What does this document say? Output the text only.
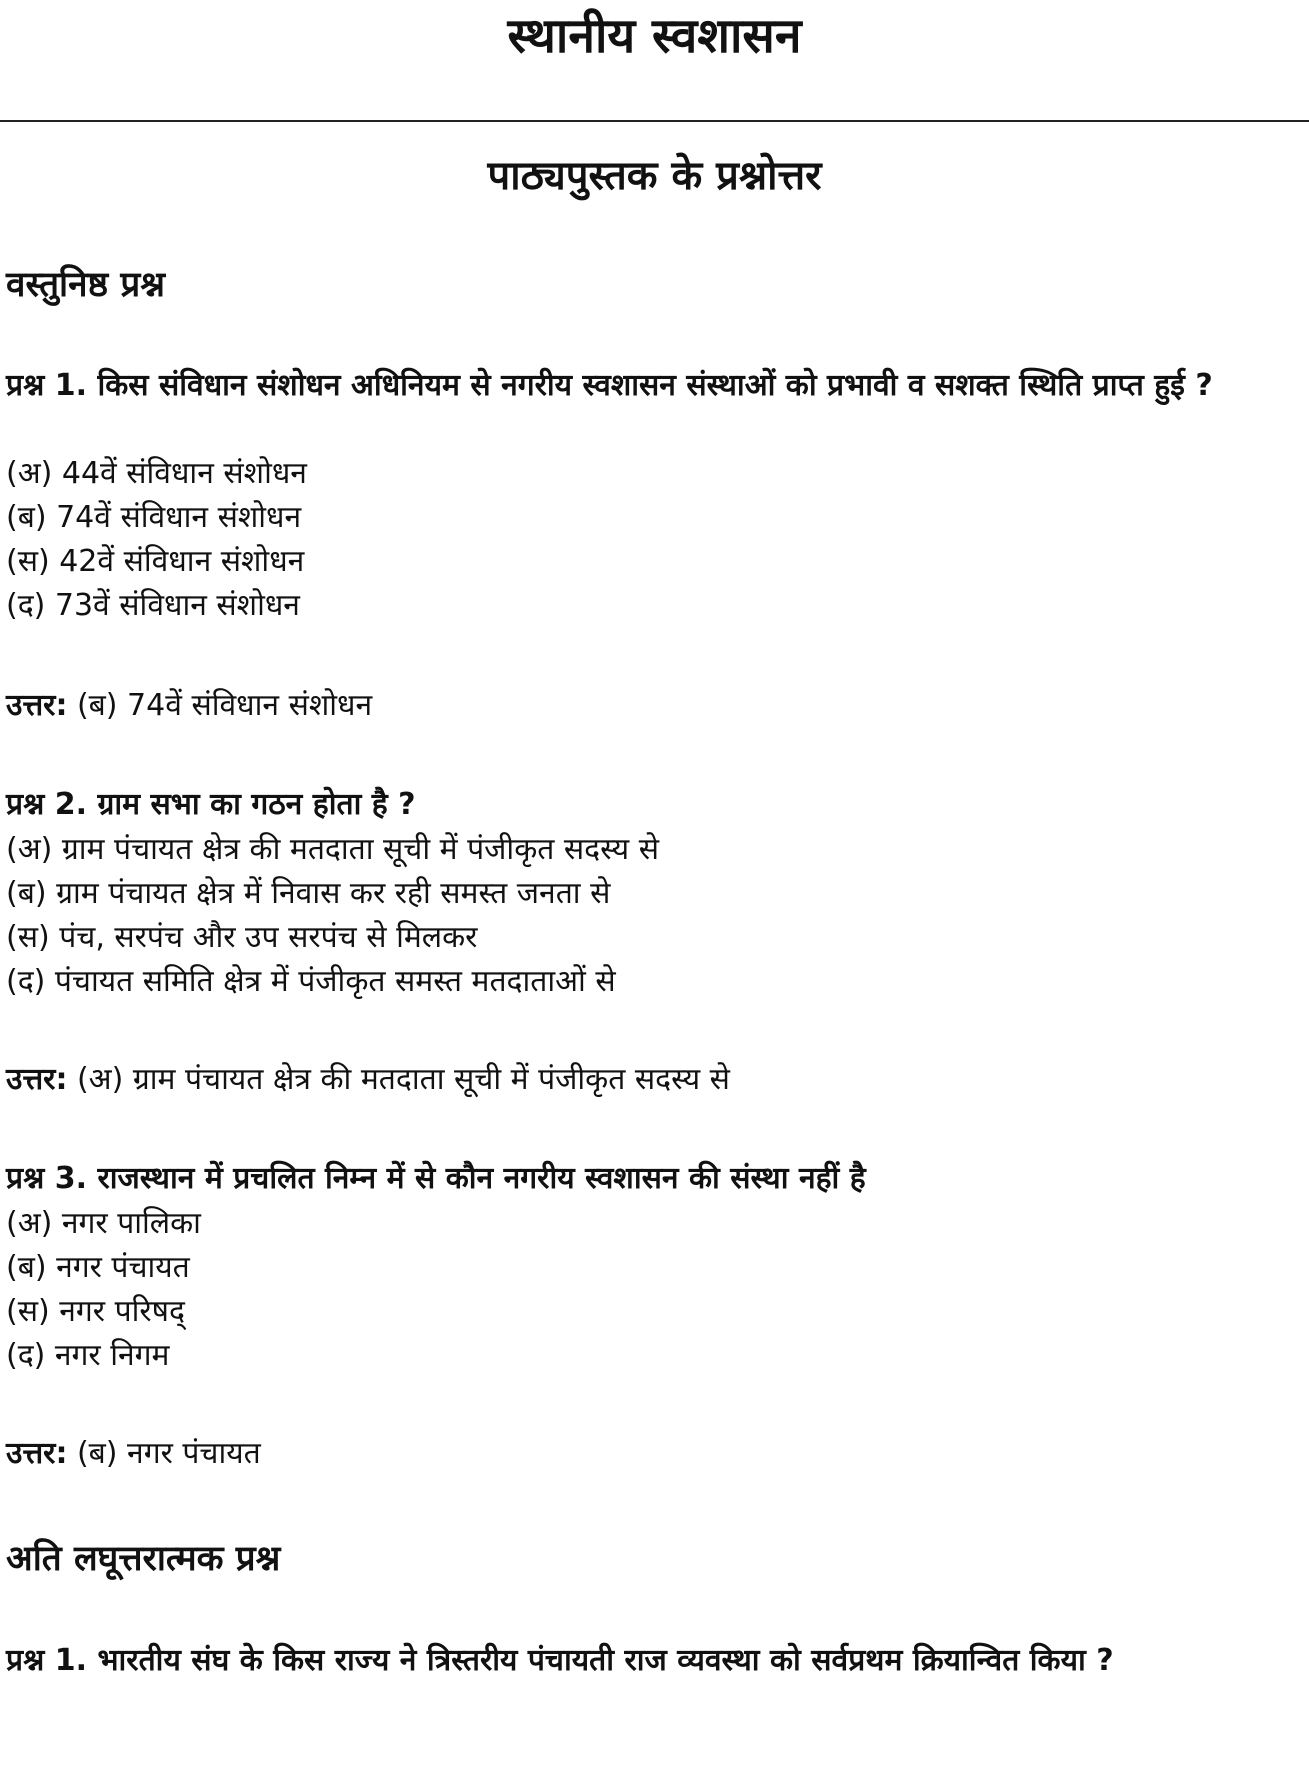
स्थानीय स्वशासन
पाठ्यपुस्तक के प्रश्नोत्तर
वस्तुनिष्ठ प्रश्न

प्रश्न 1. किस संविधान संशोधन अधिनियम से नगरीय स्वशासन संस्थाओं को प्रभावी व सशक्त स्थिति प्राप्त हुई ?

(अ) 44वें संविधान संशोधन
(ब) 74वें संविधान संशोधन
(स) 42वें संविधान संशोधन
(द) 73वें संविधान संशोधन

उत्तर: (ब) 74वें संविधान संशोधन

प्रश्न 2. ग्राम सभा का गठन होता है ?

(अ) ग्राम पंचायत क्षेत्र की मतदाता सूची में पंजीकृत सदस्य से
(ब) ग्राम पंचायत क्षेत्र में निवास कर रही समस्त जनता से
(स) पंच, सरपंच और उप सरपंच से मिलकर
(द) पंचायत समिति क्षेत्र में पंजीकृत समस्त मतदाताओं से

उत्तर: (अ) ग्राम पंचायत क्षेत्र की मतदाता सूची में पंजीकृत सदस्य से

प्रश्न 3. राजस्थान में प्रचलित निम्न में से कौन नगरीय स्वशासन की संस्था नहीं है

(अ) नगर पालिका
(ब) नगर पंचायत
(स) नगर परिषद्
(द) नगर निगम

उत्तर: (ब) नगर पंचायत

अति लघूत्तरात्मक प्रश्न

प्रश्न 1. भारतीय संघ के किस राज्य ने त्रिस्तरीय पंचायती राज व्यवस्था को सर्वप्रथम क्रियान्वित किया ?
